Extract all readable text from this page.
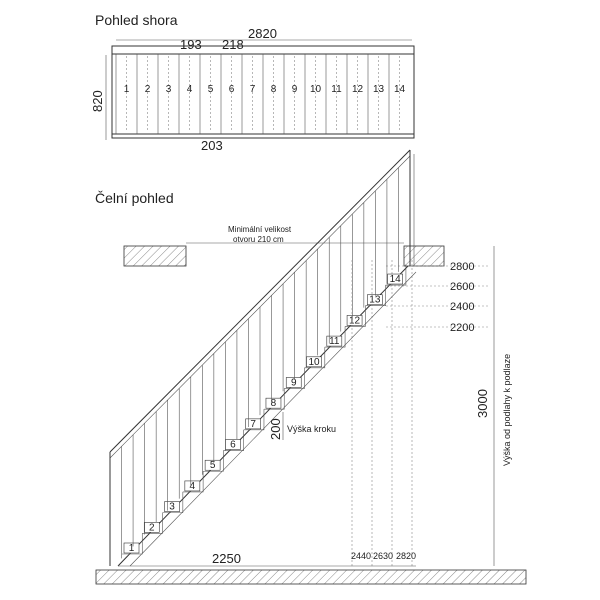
Pohled shora
2820
193 218
820
1 2 3 4 5 6 7 8 9 10 11 12 13 14
203
Čelní pohled
Minimální velikost
otvoru 210 cm
2800
2600
2400
2200
3000 Výška od podlahy k podlaze
1
2
3
4
5
6
7
8
9
10
11
12
13
14
200 Výška kroku
2250	2440 2630 2820
